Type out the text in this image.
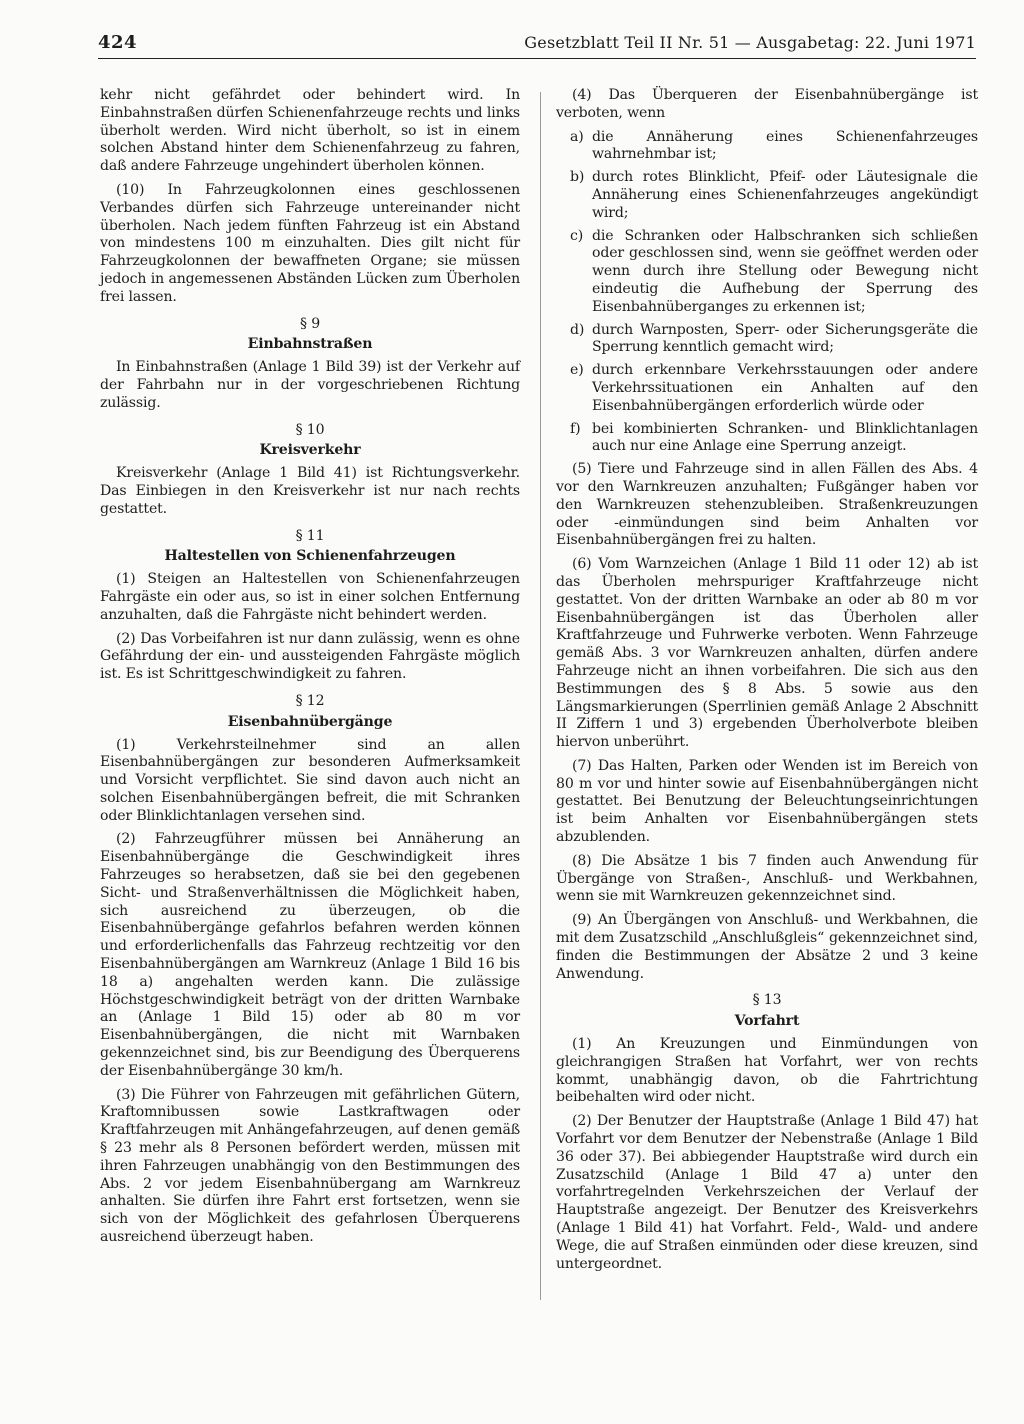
424	Gesetzblatt Teil II Nr. 51 — Ausgabetag: 22. Juni 1971

kehr nicht gefährdet oder behindert wird. In Einbahnstraßen dürfen Schienenfahrzeuge rechts und links überholt werden. Wird nicht überholt, so ist in einem solchen Abstand hinter dem Schienenfahrzeug zu fahren, daß andere Fahrzeuge ungehindert überholen können.

(10) In Fahrzeugkolonnen eines geschlossenen Verbandes dürfen sich Fahrzeuge untereinander nicht überholen. Nach jedem fünften Fahrzeug ist ein Abstand von mindestens 100 m einzuhalten. Dies gilt nicht für Fahrzeugkolonnen der bewaffneten Organe; sie müssen jedoch in angemessenen Abständen Lücken zum Überholen frei lassen.

§ 9
Einbahnstraßen

In Einbahnstraßen (Anlage 1 Bild 39) ist der Verkehr auf der Fahrbahn nur in der vorgeschriebenen Richtung zulässig.

§ 10
Kreisverkehr

Kreisverkehr (Anlage 1 Bild 41) ist Richtungsverkehr. Das Einbiegen in den Kreisverkehr ist nur nach rechts gestattet.

§ 11
Haltestellen von Schienenfahrzeugen

(1) Steigen an Haltestellen von Schienenfahrzeugen Fahrgäste ein oder aus, so ist in einer solchen Entfernung anzuhalten, daß die Fahrgäste nicht behindert werden.

(2) Das Vorbeifahren ist nur dann zulässig, wenn es ohne Gefährdung der ein- und aussteigenden Fahrgäste möglich ist. Es ist Schrittgeschwindigkeit zu fahren.

§ 12
Eisenbahnübergänge

(1) Verkehrsteilnehmer sind an allen Eisenbahnübergängen zur besonderen Aufmerksamkeit und Vorsicht verpflichtet. Sie sind davon auch nicht an solchen Eisenbahnübergängen befreit, die mit Schranken oder Blinklichtanlagen versehen sind.

(2) Fahrzeugführer müssen bei Annäherung an Eisenbahnübergänge die Geschwindigkeit ihres Fahrzeuges so herabsetzen, daß sie bei den gegebenen Sicht- und Straßenverhältnissen die Möglichkeit haben, sich ausreichend zu überzeugen, ob die Eisenbahnübergänge gefahrlos befahren werden können und erforderlichenfalls das Fahrzeug rechtzeitig vor den Eisenbahnübergängen am Warnkreuz (Anlage 1 Bild 16 bis 18 a) angehalten werden kann. Die zulässige Höchstgeschwindigkeit beträgt von der dritten Warnbake an (Anlage 1 Bild 15) oder ab 80 m vor Eisenbahnübergängen, die nicht mit Warnbaken gekennzeichnet sind, bis zur Beendigung des Überquerens der Eisenbahnübergänge 30 km/h.

(3) Die Führer von Fahrzeugen mit gefährlichen Gütern, Kraftomnibussen sowie Lastkraftwagen oder Kraftfahrzeugen mit Anhängefahrzeugen, auf denen gemäß § 23 mehr als 8 Personen befördert werden, müssen mit ihren Fahrzeugen unabhängig von den Bestimmungen des Abs. 2 vor jedem Eisenbahnübergang am Warnkreuz anhalten. Sie dürfen ihre Fahrt erst fortsetzen, wenn sie sich von der Möglichkeit des gefahrlosen Überquerens ausreichend überzeugt haben.

(4) Das Überqueren der Eisenbahnübergänge ist verboten, wenn

a) die Annäherung eines Schienenfahrzeuges wahrnehmbar ist;
b) durch rotes Blinklicht, Pfeif- oder Läutesignale die Annäherung eines Schienenfahrzeuges angekündigt wird;
c) die Schranken oder Halbschranken sich schließen oder geschlossen sind, wenn sie geöffnet werden oder wenn durch ihre Stellung oder Bewegung nicht eindeutig die Aufhebung der Sperrung des Eisenbahnüberganges zu erkennen ist;
d) durch Warnposten, Sperr- oder Sicherungsgeräte die Sperrung kenntlich gemacht wird;
e) durch erkennbare Verkehrsstauungen oder andere Verkehrssituationen ein Anhalten auf den Eisenbahnübergängen erforderlich würde oder
f) bei kombinierten Schranken- und Blinklichtanlagen auch nur eine Anlage eine Sperrung anzeigt.

(5) Tiere und Fahrzeuge sind in allen Fällen des Abs. 4 vor den Warnkreuzen anzuhalten; Fußgänger haben vor den Warnkreuzen stehenzubleiben. Straßenkreuzungen oder -einmündungen sind beim Anhalten vor Eisenbahnübergängen frei zu halten.

(6) Vom Warnzeichen (Anlage 1 Bild 11 oder 12) ab ist das Überholen mehrspuriger Kraftfahrzeuge nicht gestattet. Von der dritten Warnbake an oder ab 80 m vor Eisenbahnübergängen ist das Überholen aller Kraftfahrzeuge und Fuhrwerke verboten. Wenn Fahrzeuge gemäß Abs. 3 vor Warnkreuzen anhalten, dürfen andere Fahrzeuge nicht an ihnen vorbeifahren. Die sich aus den Bestimmungen des § 8 Abs. 5 sowie aus den Längsmarkierungen (Sperrlinien gemäß Anlage 2 Abschnitt II Ziffern 1 und 3) ergebenden Überholverbote bleiben hiervon unberührt.

(7) Das Halten, Parken oder Wenden ist im Bereich von 80 m vor und hinter sowie auf Eisenbahnübergängen nicht gestattet. Bei Benutzung der Beleuchtungseinrichtungen ist beim Anhalten vor Eisenbahnübergängen stets abzublenden.

(8) Die Absätze 1 bis 7 finden auch Anwendung für Übergänge von Straßen-, Anschluß- und Werkbahnen, wenn sie mit Warnkreuzen gekennzeichnet sind.

(9) An Übergängen von Anschluß- und Werkbahnen, die mit dem Zusatzschild „Anschlußgleis“ gekennzeichnet sind, finden die Bestimmungen der Absätze 2 und 3 keine Anwendung.

§ 13
Vorfahrt

(1) An Kreuzungen und Einmündungen von gleichrangigen Straßen hat Vorfahrt, wer von rechts kommt, unabhängig davon, ob die Fahrtrichtung beibehalten wird oder nicht.

(2) Der Benutzer der Hauptstraße (Anlage 1 Bild 47) hat Vorfahrt vor dem Benutzer der Nebenstraße (Anlage 1 Bild 36 oder 37). Bei abbiegender Hauptstraße wird durch ein Zusatzschild (Anlage 1 Bild 47 a) unter den vorfahrtregelnden Verkehrszeichen der Verlauf der Hauptstraße angezeigt. Der Benutzer des Kreisverkehrs (Anlage 1 Bild 41) hat Vorfahrt. Feld-, Wald- und andere Wege, die auf Straßen einmünden oder diese kreuzen, sind untergeordnet.
